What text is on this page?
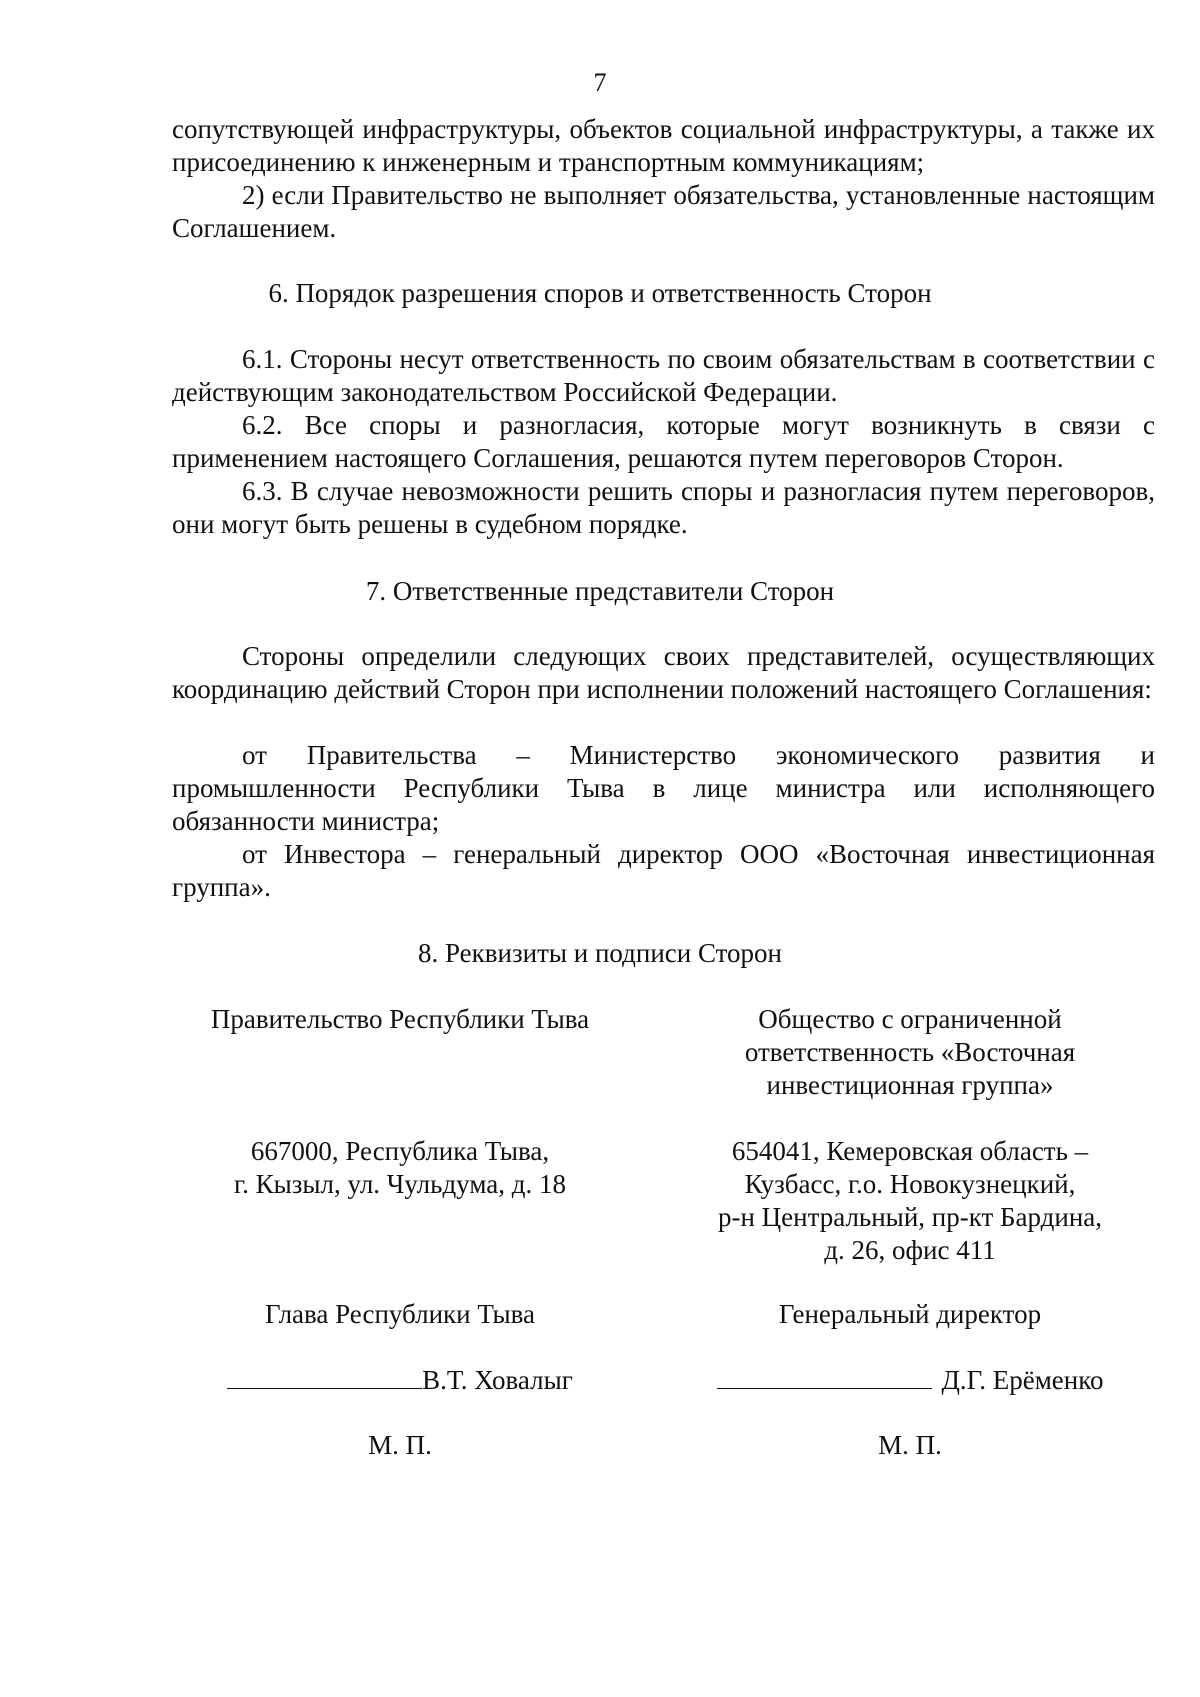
7

сопутствующей инфраструктуры, объектов социальной инфраструктуры, а также их присоединению к инженерным и транспортным коммуникациям;

2) если Правительство не выполняет обязательства, установленные настоящим Соглашением.

6. Порядок разрешения споров и ответственность Сторон

6.1. Стороны несут ответственность по своим обязательствам в соответствии с действующим законодательством Российской Федерации.

6.2. Все споры и разногласия, которые могут возникнуть в связи с применением настоящего Соглашения, решаются путем переговоров Сторон.

6.3. В случае невозможности решить споры и разногласия путем переговоров, они могут быть решены в судебном порядке.

7. Ответственные представители Сторон

Стороны определили следующих своих представителей, осуществляющих координацию действий Сторон при исполнении положений настоящего Соглашения:

от Правительства – Министерство экономического развития и промышленности Республики Тыва в лице министра или исполняющего обязанности министра;

от Инвестора – генеральный директор ООО «Восточная инвестиционная группа».

8. Реквизиты и подписи Сторон

Правительство Республики Тыва

667000, Республика Тыва,

г. Кызыл, ул. Чульдума, д. 18

Глава Республики Тыва

В.Т. Ховалыг

М. П.

Общество с ограниченной

ответственность «Восточная

инвестиционная группа»

654041, Кемеровская область –

Кузбасс, г.о. Новокузнецкий,

р-н Центральный, пр-кт Бардина,

д. 26, офис 411

Генеральный директор

Д.Г. Ерёменко

М. П.
